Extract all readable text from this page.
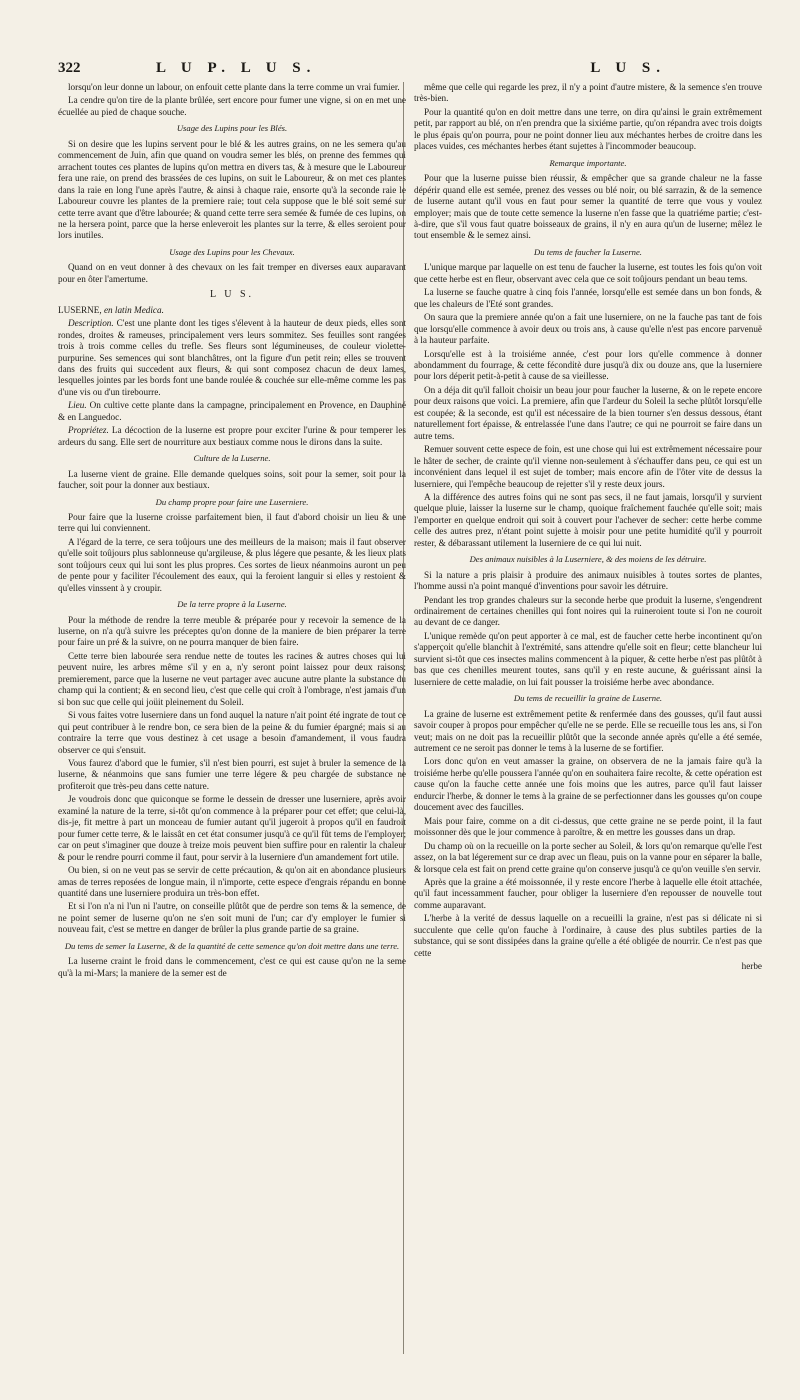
322	L U P. L U S.	L U S.

lorsqu'on leur donne un labour, on enfouit cette plante dans la terre comme un vrai fumier.

La cendre qu'on tire de la plante brûlée, sert encore pour fumer une vigne, si on en met une écuellée au pied de chaque souche.

Usage des Lupins pour les Blés.

Si on desire que les lupins servent pour le blé & les autres grains, on ne les semera qu'au commencement de Juin, afin que quand on voudra semer les blés, on prenne des femmes qui arrachent toutes ces plantes de lupins qu'on mettra en divers tas, & à mesure que le Laboureur fera une raie, on prend des brassées de ces lupins, on suit le Laboureur, & on met ces plantes dans la raie en long l'une après l'autre, & ainsi à chaque raie, ensorte qu'à la seconde raie le Laboureur couvre les plantes de la premiere raie; tout cela suppose que le blé soit semé sur cette terre avant que d'être labourée; & quand cette terre sera semée & fumée de ces lupins, on ne la hersera point, parce que la herse enleveroit les plantes sur la terre, & elles seroient pour lors inutiles.

Usage des Lupins pour les Chevaux.

Quand on en veut donner à des chevaux on les fait tremper en diverses eaux auparavant pour en ôter l'amertume.

L U S.

LUSERNE, en latin Medica.

Description. C'est une plante dont les tiges s'élevent à la hauteur de deux pieds, elles sont rondes, droites & rameuses, principalement vers leurs sommitez. Ses feuilles sont rangées trois à trois comme celles du trefle. Ses fleurs sont légumineuses, de couleur violette-purpurine. Ses semences qui sont blanchâtres, ont la figure d'un petit rein; elles se trouvent dans des fruits qui succedent aux fleurs, & qui sont composez chacun de deux lames, lesquelles jointes par les bords font une bande roulée & couchée sur elle-même comme les pas d'une vis ou d'un tirebourre.

Lieu. On cultive cette plante dans la campagne, principalement en Provence, en Dauphiné & en Languedoc.

Propriétez. La décoction de la luserne est propre pour exciter l'urine & pour temperer les ardeurs du sang. Elle sert de nourriture aux bestiaux comme nous le dirons dans la suite.

Culture de la Luserne.

La luserne vient de graine. Elle demande quelques soins, soit pour la semer, soit pour la faucher, soit pour la donner aux bestiaux.

Du champ propre pour faire une Luserniere.

Pour faire que la luserne croisse parfaitement bien, il faut d'abord choisir un lieu & une terre qui lui conviennent.

A l'égard de la terre, ce sera toûjours une des meilleurs de la maison; mais il faut observer qu'elle soit toûjours plus sablonneuse qu'argileuse, & plus légere que pesante, & les lieux plats sont toûjours ceux qui lui sont les plus propres. Ces sortes de lieux néanmoins auront un peu de pente pour y faciliter l'écoulement des eaux, qui la feroient languir si elles y restoient & qu'elles vinssent à y croupir.

De la terre propre à la Luserne.

Pour la méthode de rendre la terre meuble & préparée pour y recevoir la semence de la luserne, on n'a qu'à suivre les préceptes qu'on donne de la maniere de bien préparer la terre pour faire un pré & la suivre, on ne pourra manquer de bien faire.

Cette terre bien labourée sera rendue nette de toutes les racines & autres choses qui lui peuvent nuire, les arbres même s'il y en a, n'y seront point laissez pour deux raisons; premierement, parce que la luserne ne veut partager avec aucune autre plante la substance du champ qui la contient; & en second lieu, c'est que celle qui croît à l'ombrage, n'est jamais d'un si bon suc que celle qui joüit pleinement du Soleil.

Si vous faites votre luserniere dans un fond auquel la nature n'ait point été ingrate de tout ce qui peut contribuer à le rendre bon, ce sera bien de la peine & du fumier épargné; mais si au contraire la terre que vous destinez à cet usage a besoin d'amandement, il vous faudra observer ce qui s'ensuit.

Vous faurez d'abord que le fumier, s'il n'est bien pourri, est sujet à bruler la semence de la luserne, & néanmoins que sans fumier une terre légere & peu chargée de substance ne profiteroit que très-peu dans cette nature.

Je voudrois donc que quiconque se forme le dessein de dresser une luserniere, après avoir examiné la nature de la terre, si-tôt qu'on commence à la préparer pour cet effet; que celui-là, dis-je, fit mettre à part un monceau de fumier autant qu'il jugeroit à propos qu'il en faudroit pour fumer cette terre, & le laissât en cet état consumer jusqu'à ce qu'il fût tems de l'employer; car on peut s'imaginer que douze à treize mois peuvent bien suffire pour en ralentir la chaleur & pour le rendre pourri comme il faut, pour servir à la luserniere d'un amandement fort utile.

Ou bien, si on ne veut pas se servir de cette précaution, & qu'on ait en abondance plusieurs amas de terres reposées de longue main, il n'importe, cette espece d'engrais répandu en bonne quantité dans une luserniere produira un très-bon effet.

Et si l'on n'a ni l'un ni l'autre, on conseille plûtôt que de perdre son tems & la semence, de ne point semer de luserne qu'on ne s'en soit muni de l'un; car d'y employer le fumier si nouveau fait, c'est se mettre en danger de brûler la plus grande partie de sa graine.

Du tems de semer la Luserne, & de la quantité de cette semence qu'on doit mettre dans une terre.

La luserne craint le froid dans le commencement, c'est ce qui est cause qu'on ne la seme qu'à la mi-Mars; la maniere de la semer est de

même que celle qui regarde les prez, il n'y a point d'autre mistere, & la semence s'en trouve très-bien.

Pour la quantité qu'on en doit mettre dans une terre, on dira qu'ainsi le grain extrêmement petit, par rapport au blé, on n'en prendra que la sixiéme partie, qu'on répandra avec trois doigts le plus épais qu'on pourra, pour ne point donner lieu aux méchantes herbes de croitre dans les places vuides, ces méchantes herbes étant sujettes à l'incommoder beaucoup.

Remarque importante.

Pour que la luserne puisse bien réussir, & empêcher que sa grande chaleur ne la fasse dépérir quand elle est semée, prenez des vesses ou blé noir, ou blé sarrazin, & de la semence de luserne autant qu'il vous en faut pour semer la quantité de terre que vous y voulez employer; mais que de toute cette semence la luserne n'en fasse que la quatriéme partie; c'est-à-dire, que s'il vous faut quatre boisseaux de grains, il n'y en aura qu'un de luserne; mêlez le tout ensemble & le semez ainsi.

Du tems de faucher la Luserne.

L'unique marque par laquelle on est tenu de faucher la luserne, est toutes les fois qu'on voit que cette herbe est en fleur, observant avec cela que ce soit toûjours pendant un beau tems.

La luserne se fauche quatre à cinq fois l'année, lorsqu'elle est semée dans un bon fonds, & que les chaleurs de l'Eté sont grandes.

On saura que la premiere année qu'on a fait une luserniere, on ne la fauche pas tant de fois que lorsqu'elle commence à avoir deux ou trois ans, à cause qu'elle n'est pas encore parvenuë à la hauteur parfaite.

Lorsqu'elle est à la troisiéme année, c'est pour lors qu'elle commence à donner abondamment du fourrage, & cette féconditè dure jusqu'à dix ou douze ans, que la luserniere pour lors déperit petit-à-petit à cause de sa vieillesse.

On a déja dit qu'il falloit choisir un beau jour pour faucher la luserne, & on le repete encore pour deux raisons que voici. La premiere, afin que l'ardeur du Soleil la seche plûtôt lorsqu'elle est coupée; & la seconde, est qu'il est nécessaire de la bien tourner s'en dessus dessous, étant naturellement fort épaisse, & entrelassée l'une dans l'autre; ce qui ne pourroit se faire dans un autre tems.

Remuer souvent cette espece de foin, est une chose qui lui est extrêmement nécessaire pour le hâter de secher, de crainte qu'il vienne non-seulement à s'échauffer dans peu, ce qui est un inconvénient dans lequel il est sujet de tomber; mais encore afin de l'ôter vite de dessus la luserniere, qui l'empêche beaucoup de rejetter s'il y reste deux jours.

A la différence des autres foins qui ne sont pas secs, il ne faut jamais, lorsqu'il y survient quelque pluie, laisser la luserne sur le champ, quoique fraîchement fauchée qu'elle soit; mais l'emporter en quelque endroit qui soit à couvert pour l'achever de secher: cette herbe comme celle des autres prez, n'étant point sujette à moisir pour une petite humidité qu'il y pourroit rester, & débarassant utilement la luserniere de ce qui lui nuit.

Des animaux nuisibles à la Luserniere, & des moiens de les détruire.

Si la nature a pris plaisir à produire des animaux nuisibles à toutes sortes de plantes, l'homme aussi n'a point manqué d'inventions pour savoir les détruire.

Pendant les trop grandes chaleurs sur la seconde herbe que produit la luserne, s'engendrent ordinairement de certaines chenilles qui font noires qui la ruineroient toute si l'on ne couroit au devant de ce danger.

L'unique remède qu'on peut apporter à ce mal, est de faucher cette herbe incontinent qu'on s'apperçoit qu'elle blanchit à l'extrémité, sans attendre qu'elle soit en fleur; cette blancheur lui survient si-tôt que ces insectes malins commencent à la piquer, & cette herbe n'est pas plûtôt à bas que ces chenilles meurent toutes, sans qu'il y en reste aucune, & guérissant ainsi la luserniere de cette maladie, on lui fait pousser la troisiéme herbe avec abondance.

Du tems de recueillir la graine de Luserne.

La graine de luserne est extrêmement petite & renfermée dans des gousses, qu'il faut aussi savoir couper à propos pour empêcher qu'elle ne se perde. Elle se recueille tous les ans, si l'on veut; mais on ne doit pas la recueillir plûtôt que la seconde année après qu'elle a été semée, autrement ce ne seroit pas donner le tems à la luserne de se fortifier.

Lors donc qu'on en veut amasser la graine, on observera de ne la jamais faire qu'à la troisiéme herbe qu'elle poussera l'année qu'on en souhaitera faire recolte, & cette opération est cause qu'on la fauche cette année une fois moins que les autres, parce qu'il faut laisser endurcir l'herbe, & donner le tems à la graine de se perfectionner dans les gousses qu'on coupe doucement avec des faucilles.

Mais pour faire, comme on a dit ci-dessus, que cette graine ne se perde point, il la faut moissonner dès que le jour commence à paroître, & en mettre les gousses dans un drap.

Du champ où on la recueille on la porte secher au Soleil, & lors qu'on remarque qu'elle l'est assez, on la bat légerement sur ce drap avec un fleau, puis on la vanne pour en séparer la balle, & lorsque cela est fait on prend cette graine qu'on conserve jusqu'à ce qu'on veuille s'en servir.

Après que la graine a été moissonnée, il y reste encore l'herbe à laquelle elle étoit attachée, qu'il faut incessamment faucher, pour obliger la luserniere d'en repousser de nouvelle tout comme auparavant.

L'herbe à la verité de dessus laquelle on a recueilli la graine, n'est pas si délicate ni si succulente que celle qu'on fauche à l'ordinaire, à cause des plus subtiles parties de la substance, qui se sont dissipées dans la graine qu'elle a été obligée de nourrir. Ce n'est pas que cette

herbe
